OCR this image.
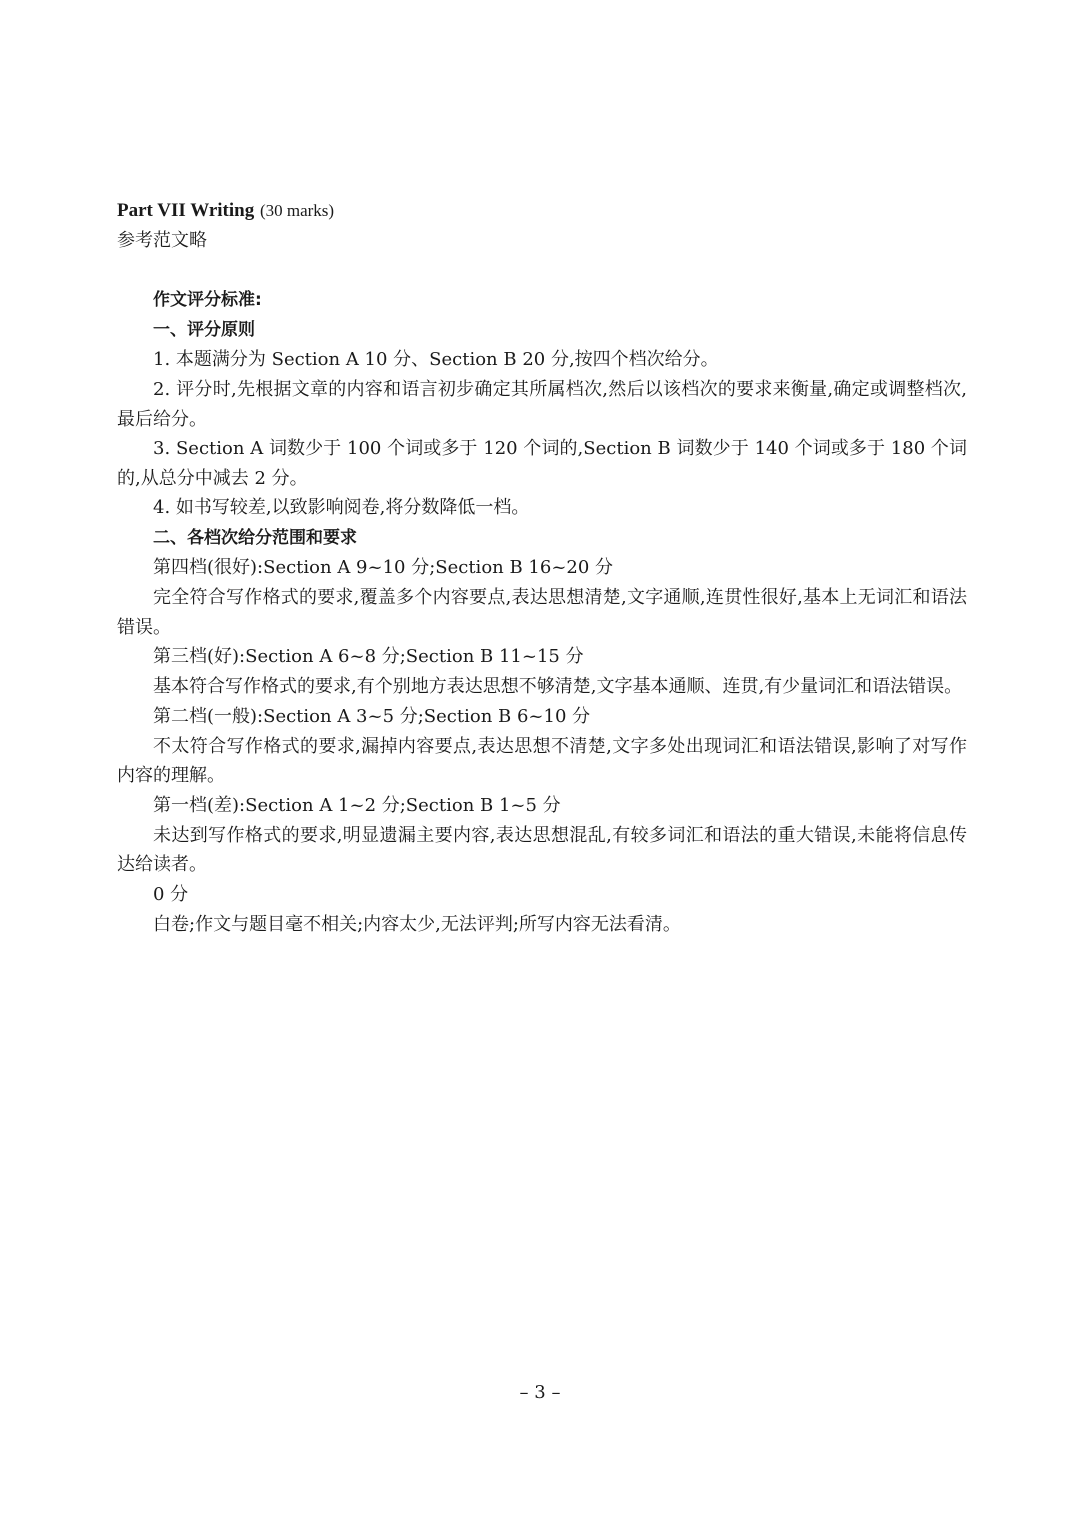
Part VII Writing (30 marks)
参考范文略
作文评分标准:
一、评分原则
1. 本题满分为 Section A 10 分、Section B 20 分,按四个档次给分。
2. 评分时,先根据文章的内容和语言初步确定其所属档次,然后以该档次的要求来衡量,确定或调整档次,最后给分。
3. Section A 词数少于 100 个词或多于 120 个词的,Section B 词数少于 140 个词或多于 180 个词的,从总分中减去 2 分。
4. 如书写较差,以致影响阅卷,将分数降低一档。
二、各档次给分范围和要求
第四档(很好):Section A 9~10 分;Section B 16~20 分
完全符合写作格式的要求,覆盖多个内容要点,表达思想清楚,文字通顺,连贯性很好,基本上无词汇和语法错误。
第三档(好):Section A 6~8 分;Section B 11~15 分
基本符合写作格式的要求,有个别地方表达思想不够清楚,文字基本通顺、连贯,有少量词汇和语法错误。
第二档(一般):Section A 3~5 分;Section B 6~10 分
不太符合写作格式的要求,漏掉内容要点,表达思想不清楚,文字多处出现词汇和语法错误,影响了对写作内容的理解。
第一档(差):Section A 1~2 分;Section B 1~5 分
未达到写作格式的要求,明显遗漏主要内容,表达思想混乱,有较多词汇和语法的重大错误,未能将信息传达给读者。
0 分
白卷;作文与题目毫不相关;内容太少,无法评判;所写内容无法看清。
– 3 –
